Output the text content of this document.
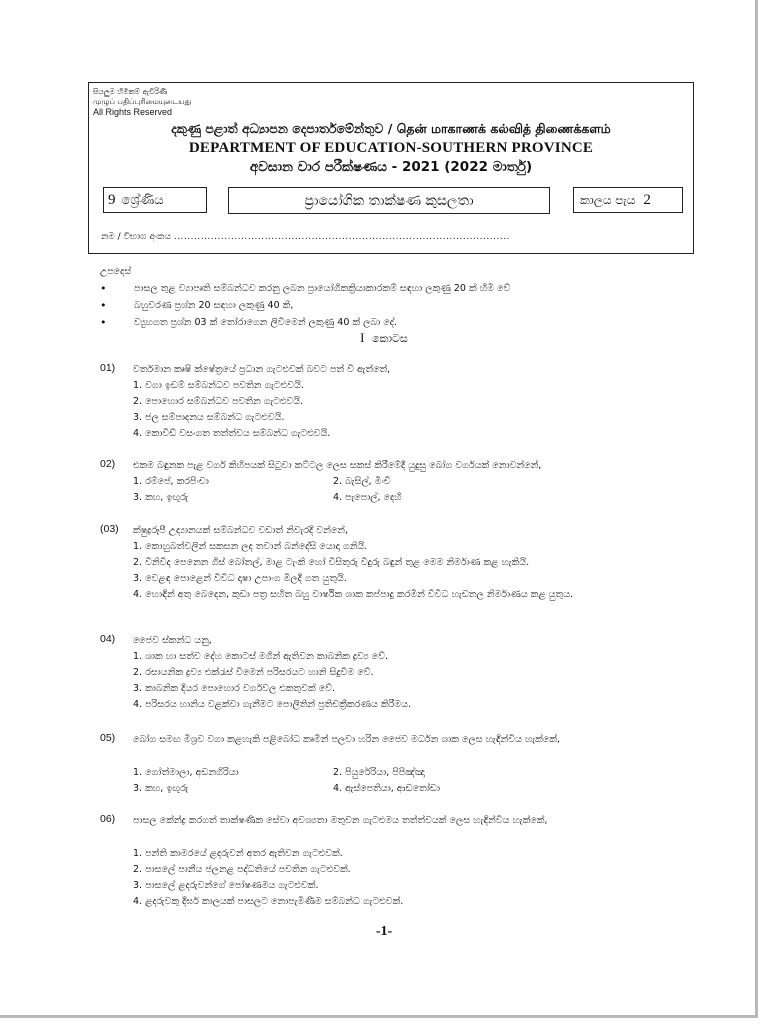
සියලුම හිමිකම් ඇවිරිණි
முழுப் பதிப்புரிமையுடையது
All Rights Reserved
දකුණු පළාත් අධ්‍යාපන දෙපාර්තමේන්තුව / தென் மாகாணக் கல்வித் திணைக்களம்
DEPARTMENT OF EDUCATION-SOUTHERN PROVINCE
අවසාන වාර පරීක්ෂණය - 2021 (2022 මාර්තු)
9 ශ්‍රේණිය	ප්‍රායෝගික තාක්ෂණ කුසලතා	කාලය පැය 2
නම / විභාග අංකය ....................................................................................................
උපදෙස්
•	පාසල තුළ ව්‍යාපෘති සම්බන්ධව කරනු ලබන ප්‍රායෝගිකක්‍රියාකාරකම් සඳහා ලකුණු 20 ක් හිමි වේ
•	බහුවරණ ප්‍රශ්න 20 සඳහා ලකුණු 40 කි,
•	ව්‍යුහගත ප්‍රශ්න 03 ක් තෝරාගෙන ලිවීමෙන් ලකුණු 40 ක් ලබා දේ.
I කොටස
01) වර්තමාන කෘෂි ක්ෂේත්‍රයේ ප්‍රධාන ගැටළුවක් බවට පත් වී ඇත්තේ,
1. වගා ඉඩම් සම්බන්ධව පවතින ගැටළුවයි.
2. පොහොර සම්බන්ධව පවතින ගැටළුවයි.
3. ජල සම්පාදනය සම්බන්ධ ගැටළුවයි.
4. කොවිඩ් වසංගත තත්ත්වය සම්බන්ධ ගැටළුවයි.
02) එකම බඳුනක පැළ වර්ග කිහිපයක් සිටුවා කට්ටල ලෙස සකස් කිරීමේදී යුදුසු බෝග වර්ගයක් නොවන්නේ,
1. රම්පේ, කරපිංචා	2. බැසිල්, මිංචි
3. කහ, ඉඟුරු	4. පැපොල්, දෙහි
(03) ක්ෂුද්‍රරූපී උද්‍යානයක් සම්බන්ධව වඩාත් නිවැරදි වන්නේ,
1. කොහුබත්වලින් සකසන ලද තවාන් බන්දේසි යොදා ගනියි.
2. විනිවිද පෙනෙන ගිස් බෝතල්, මාළ ටැංකි හෝ විසිතුරු වීදුරු බඳුන් තුළ මෙම නිර්මාණ කළ හැකියි.
3. වෙළඳ පොළෙන් විවිධ දෘෂා උපාංග මිලදී ගත යුතුයි.
4. හොඳින් අතු බෙදෙන, කුඩා පත්‍ර සහිත බහු වාර්ෂික ශාක කප්පාදු කරමින් විවිධ හැඩතල නිර්මාණය කළ යුතුය.
04) ජෛව ස්කන්ධ යනු,
1. ශාක හා සත්ව දේහ කොටස් මගින් ඇතිවන කාබනික ද්‍රව්‍ය වේ.
2. රසායනික ද්‍රව්‍ය එක්රැස් වීමෙන් පරිසරයට හානි සිදුවීම වේ.
3. කාබනික දියර පොහොර වර්ගවල එකතුවක් වේ.
4. පරිසරය හානිය වළක්වා ගැනීමට පොලිතින් ප්‍රතිචක්‍රීකරණය කිරීමය.
05) බෝග සමඟ මිශ්‍රව වගා කළහැකි පළිබෝධ කෘමීන් පලවා හරින ජෛව මර්ධන ශාක ලෙස හැඳින්විය හැක්කේ,
1. ගෝත්මාලා, අඩනගිරියා	2. පියුරේරියා, පිපිඤ්ඤා
3. කහ, ඉඟුරු	4. ඇස්පෙතියා, ආඩතෝඩා
06) පාසල කේන්ද්‍ර කරගත් තාක්ෂණික සේවා අවශ්‍යතා මතුවන ගැටළුමය තත්ත්වයක් ලෙස හැඳින්විය හැක්කේ,
1. පන්ති කාමරයේ ළදරුවන් අතර ඇතිවන ගැටළුවක්.
2. පාසලේ පානීය ජලනළ පද්ධතියේ පවතින ගැටළුවක්.
3. පාසලේ ළදරුවන්ගේ පෝෂණමය ගැටළුවක්.
4. ළදරුවකු දීර්ඝ කාලයක් පාසලට නොපැමිණීම සම්බන්ධ ගැටළුවක්.
-1-
